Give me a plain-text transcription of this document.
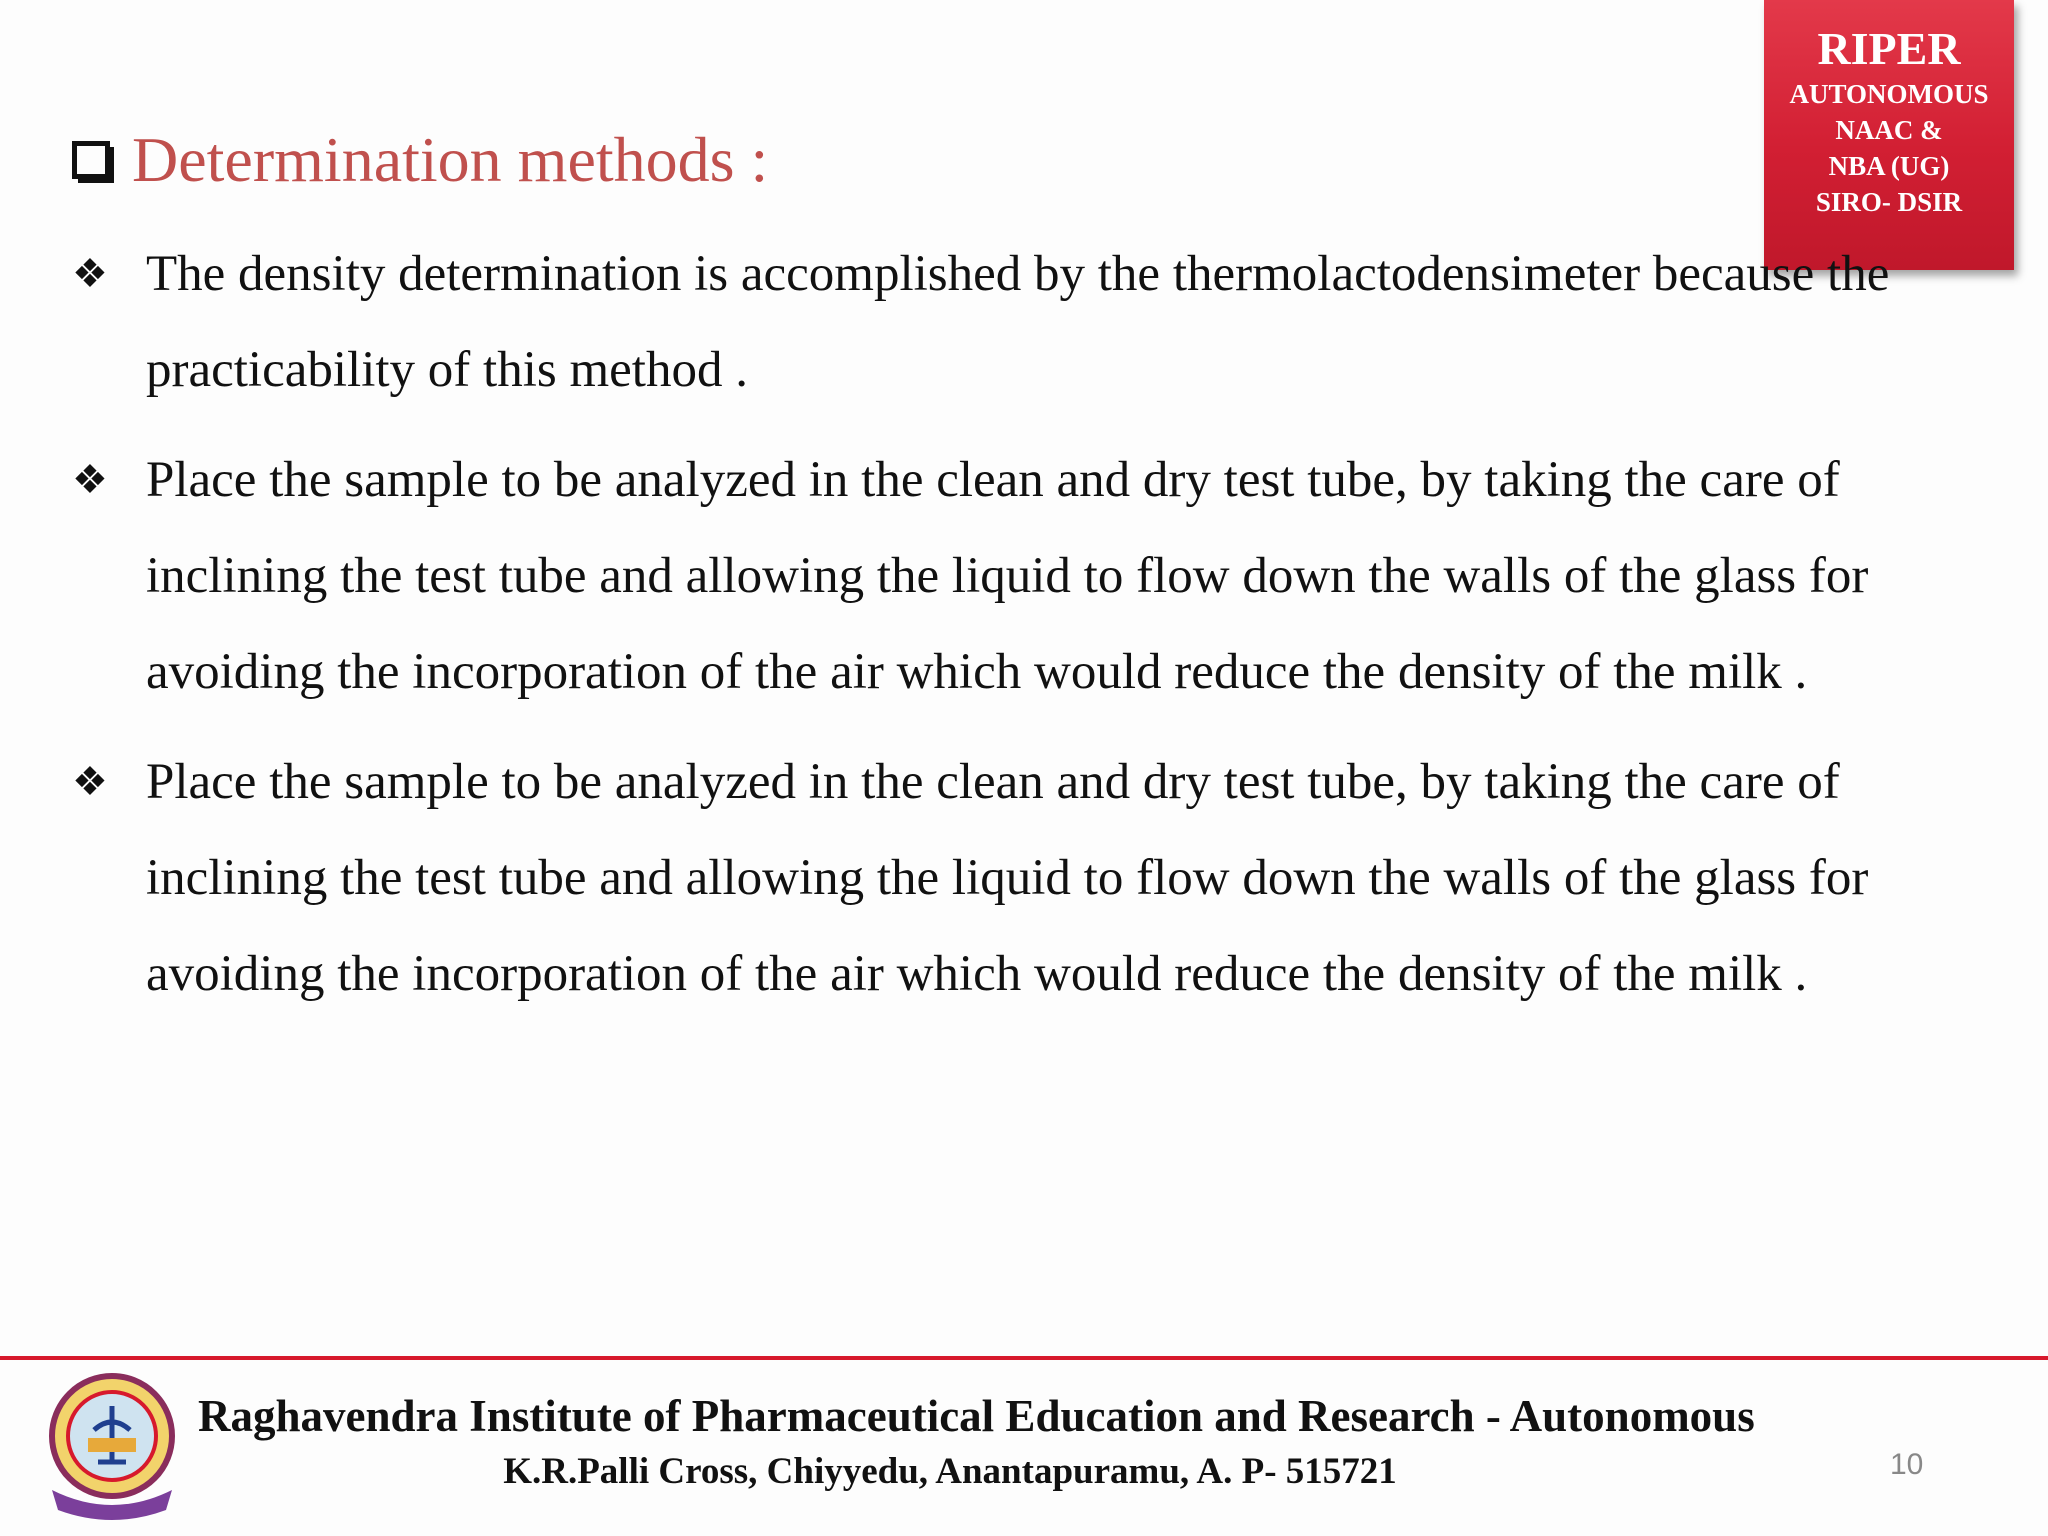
RIPER
AUTONOMOUS
NAAC &
NBA (UG)
SIRO- DSIR
Determination methods :
❖ The density determination is accomplished by the thermolactodensimeter because the practicability of this method .
❖ Place the sample to be analyzed in the clean and dry test tube, by taking the care of inclining the test tube and allowing the liquid to flow down the walls of the glass for avoiding the incorporation of the air which would reduce the density of the milk .
❖ Place the sample to be analyzed in the clean and dry test tube, by taking the care of inclining the test tube and allowing the liquid to flow down the walls of the glass for avoiding the incorporation of the air which would reduce the density of the milk .
Raghavendra Institute of Pharmaceutical Education and Research - Autonomous
K.R.Palli Cross, Chiyyedu, Anantapuramu, A. P- 515721	10
